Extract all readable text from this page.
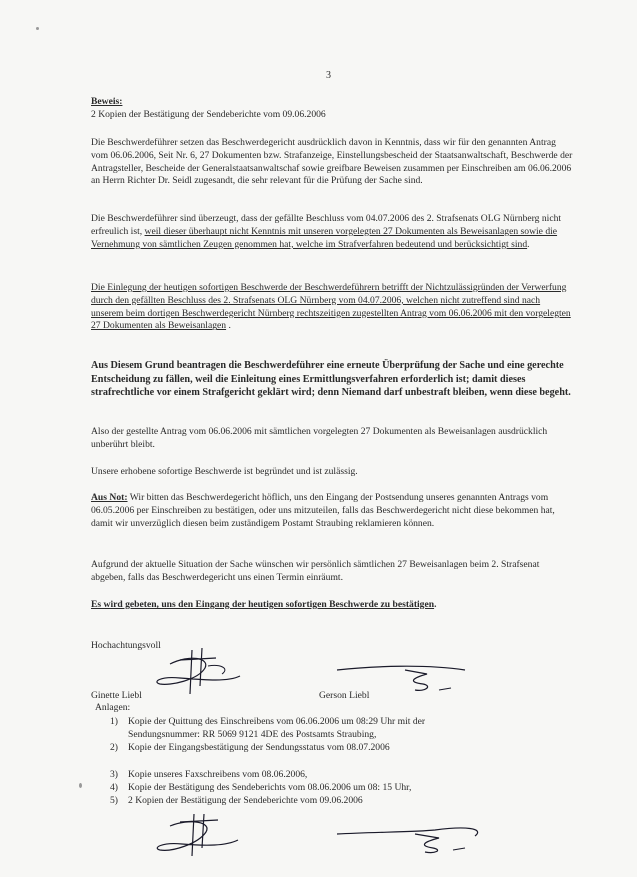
3
Beweis:
2 Kopien der Bestätigung der Sendeberichte vom 09.06.2006
Die Beschwerdeführer setzen das Beschwerdegericht ausdrücklich davon in Kenntnis, dass wir für den genannten Antrag vom 06.06.2006, Seit Nr. 6, 27 Dokumenten bzw. Strafanzeige, Einstellungsbescheid der Staatsanwaltschaft, Beschwerde der Antragsteller, Bescheide der Generalstaatsanwaltschaf sowie greifbare Beweisen zusammen per Einschreiben am 06.06.2006 an Herrn Richter Dr. Seidl zugesandt, die sehr relevant für die Prüfung der Sache sind.
Die Beschwerdeführer sind überzeugt, dass der gefällte Beschluss vom 04.07.2006 des 2. Strafsenats OLG Nürnberg nicht erfreulich ist, weil dieser überhaupt nicht Kenntnis mit unseren vorgelegten 27 Dokumenten als Beweisanlagen sowie die Vernehmung von sämtlichen Zeugen genommen hat, welche im Strafverfahren bedeutend und berücksichtigt sind.
Die Einlegung der heutigen sofortigen Beschwerde der Beschwerdeführern betrifft der Nichtzulässigründen der Verwerfung durch den gefällten Beschluss des 2. Strafsenats OLG Nürnberg vom 04.07.2006, welchen nicht zutreffend sind nach unserem beim dortigen Beschwerdegericht Nürnberg rechtszeitigen zugestellten Antrag vom 06.06.2006 mit den vorgelegten 27 Dokumenten als Beweisanlagen .
Aus Diesem Grund beantragen die Beschwerdeführer eine erneute Überprüfung der Sache und eine gerechte Entscheidung zu fällen, weil die Einleitung eines Ermittlungsverfahren erforderlich ist; damit dieses strafrechtliche vor einem Strafgericht geklärt wird; denn Niemand darf unbestraft bleiben, wenn diese begeht.
Also der gestellte Antrag vom 06.06.2006 mit sämtlichen vorgelegten 27 Dokumenten als Beweisanlagen ausdrücklich unberührt bleibt.
Unsere erhobene sofortige Beschwerde ist begründet und ist zulässig.
Aus Not: Wir bitten das Beschwerdegericht höflich, uns den Eingang der Postsendung unseres genannten Antrags vom 06.05.2006 per Einschreiben zu bestätigen, oder uns mitzuteilen, falls das Beschwerdegericht nicht diese bekommen hat, damit wir unverzüglich diesen beim zuständigem Postamt Straubing reklamieren können.
Aufgrund der aktuelle Situation der Sache wünschen wir persönlich sämtlichen 27 Beweisanlagen beim 2. Strafsenat abgeben, falls das Beschwerdegericht uns einen Termin einräumt.
Es wird gebeten, uns den Eingang der heutigen sofortigen Beschwerde zu bestätigen.
Hochachtungsvoll
Ginette Liebl	Gerson Liebl
Anlagen:
1) Kopie der Quittung des Einschreibens vom 06.06.2006 um 08:29 Uhr mit der
Sendungsnummer: RR 5069 9121 4DE des Postsamts Straubing,
2) Kopie der Eingangsbestätigung der Sendungsstatus vom 08.07.2006
3) Kopie unseres Faxschreibens vom 08.06.2006,
4) Kopie der Bestätigung des Sendeberichts vom 08.06.2006 um 08: 15 Uhr,
5) 2 Kopien der Bestätigung der Sendeberichte vom 09.06.2006
